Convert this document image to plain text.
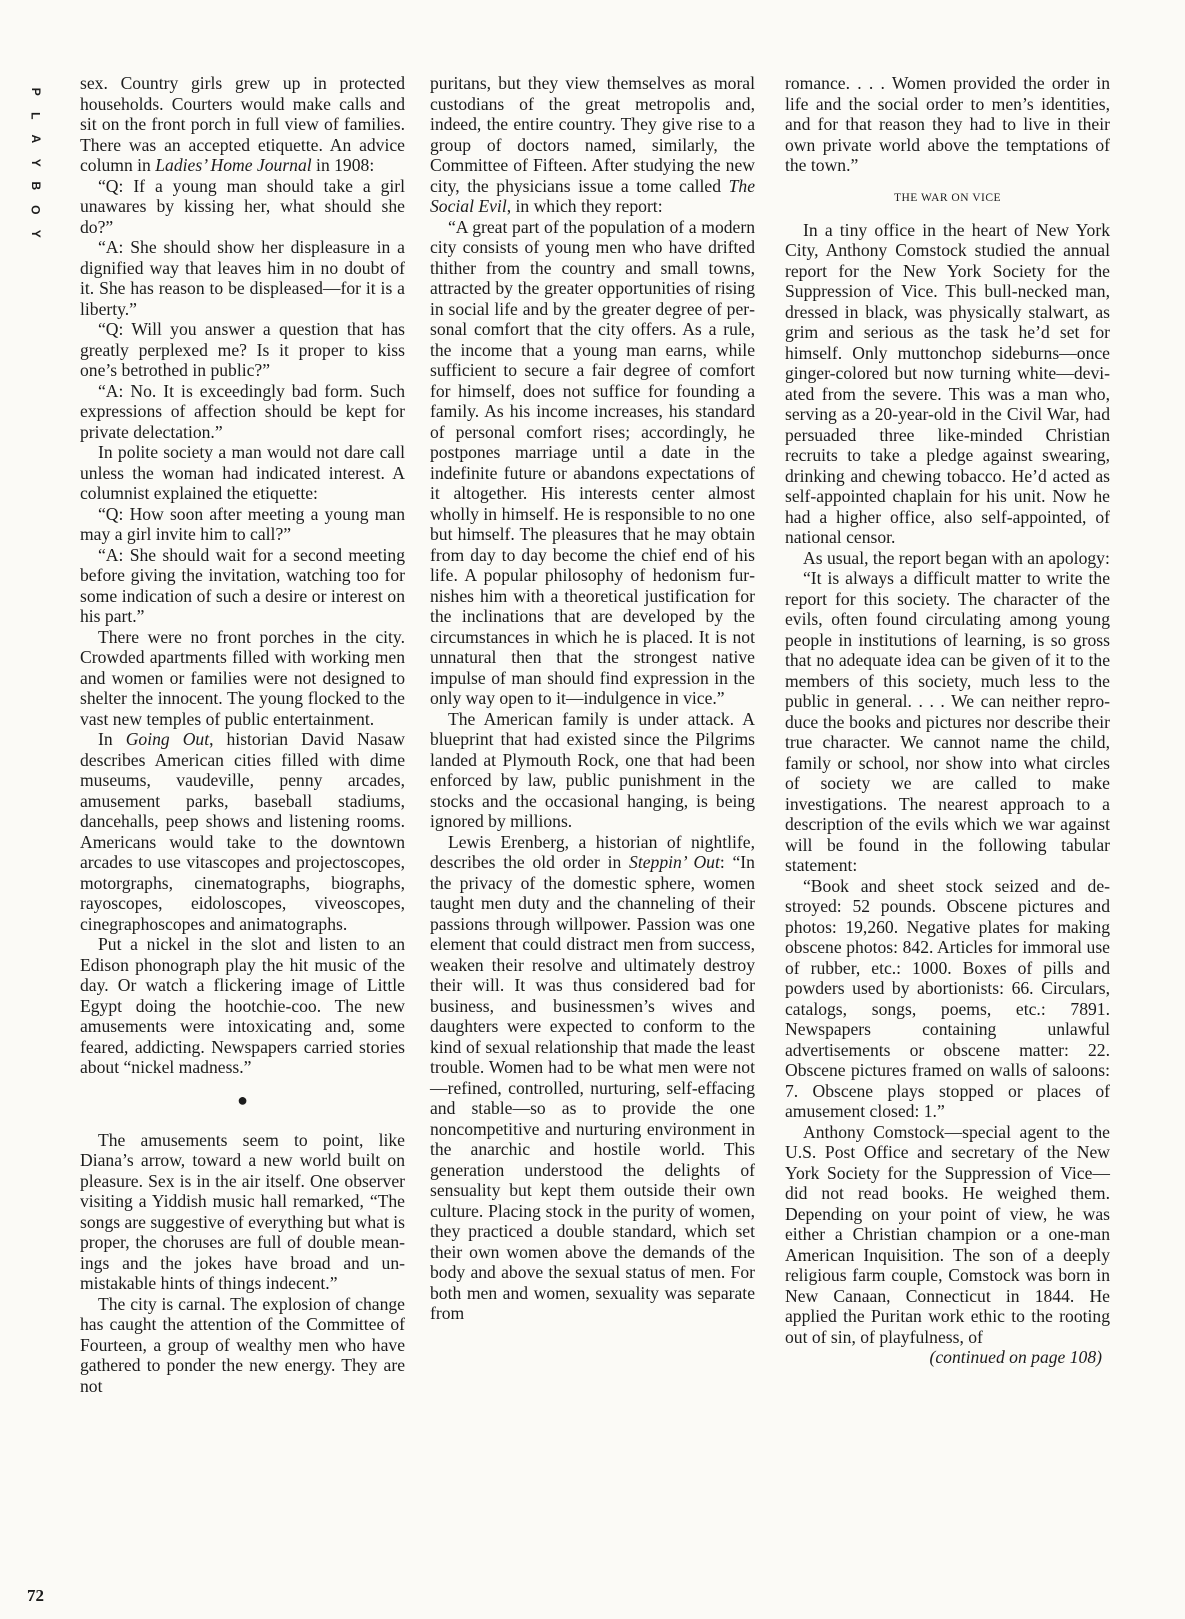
P
L
A
Y
B
O
Y
72

sex. Country girls grew up in protected households. Courters would make calls and sit on the front porch in full view of families. There was an accepted etiquette. An advice column in Ladies’ Home Journal in 1908:

“Q: If a young man should take a girl unawares by kissing her, what should she do?”

“A: She should show her displeasure in a dignified way that leaves him in no doubt of it. She has reason to be displeased—for it is a liberty.”

“Q: Will you answer a question that has greatly perplexed me? Is it proper to kiss one’s betrothed in public?”

“A: No. It is exceedingly bad form. Such expressions of affection should be kept for private delectation.”

In polite society a man would not dare call unless the woman had indicated interest. A columnist explained the etiquette:

“Q: How soon after meeting a young man may a girl invite him to call?”

“A: She should wait for a second meeting before giving the invitation, watching too for some indication of such a desire or interest on his part.”

There were no front porches in the city. Crowded apartments filled with working men and women or families were not designed to shelter the innocent. The young flocked to the vast new temples of public entertainment.

In Going Out, historian David Nasaw describes American cities filled with dime museums, vaudeville, penny arcades, amusement parks, baseball stadiums, dancehalls, peep shows and listening rooms. Americans would take to the downtown arcades to use vitascopes and projectoscopes, motorgraphs, cinematographs, biographs, rayoscopes, eidoloscopes, viveoscopes, cinegraphoscopes and animatographs.

Put a nickel in the slot and listen to an Edison phonograph play the hit music of the day. Or watch a flickering image of Little Egypt doing the hootchie-coo. The new amusements were intoxicating and, some feared, addicting. Newspapers carried stories about “nickel madness.”

●

The amusements seem to point, like Diana’s arrow, toward a new world built on pleasure. Sex is in the air itself. One observer visiting a Yiddish music hall remarked, “The songs are suggestive of everything but what is proper, the choruses are full of double meanings and the jokes have broad and unmistakable hints of things indecent.”

The city is carnal. The explosion of change has caught the attention of the Committee of Fourteen, a group of wealthy men who have gathered to ponder the new energy. They are not

puritans, but they view themselves as moral custodians of the great metropolis and, indeed, the entire country. They give rise to a group of doctors named, similarly, the Committee of Fifteen. After studying the new city, the physicians issue a tome called The Social Evil, in which they report:

“A great part of the population of a modern city consists of young men who have drifted thither from the country and small towns, attracted by the greater opportunities of rising in social life and by the greater degree of personal comfort that the city offers. As a rule, the income that a young man earns, while sufficient to secure a fair degree of comfort for himself, does not suffice for founding a family. As his income increases, his standard of personal comfort rises; accordingly, he postpones marriage until a date in the indefinite future or abandons expectations of it altogether. His interests center almost wholly in himself. He is responsible to no one but himself. The pleasures that he may obtain from day to day become the chief end of his life. A popular philosophy of hedonism furnishes him with a theoretical justification for the inclinations that are developed by the circumstances in which he is placed. It is not unnatural then that the strongest native impulse of man should find expression in the only way open to it—indulgence in vice.”

The American family is under attack. A blueprint that had existed since the Pilgrims landed at Plymouth Rock, one that had been enforced by law, public punishment in the stocks and the occasional hanging, is being ignored by millions.

Lewis Erenberg, a historian of nightlife, describes the old order in Steppin’ Out: “In the privacy of the domestic sphere, women taught men duty and the channeling of their passions through willpower. Passion was one element that could distract men from success, weaken their resolve and ultimately destroy their will. It was thus considered bad for business, and businessmen’s wives and daughters were expected to conform to the kind of sexual relationship that made the least trouble. Women had to be what men were not—refined, controlled, nurturing, self-effacing and stable—so as to provide the one noncompetitive and nurturing environment in the anarchic and hostile world. This generation understood the delights of sensuality but kept them outside their own culture. Placing stock in the purity of women, they practiced a double standard, which set their own women above the demands of the body and above the sexual status of men. For both men and women, sexuality was separate from

romance. . . . Women provided the order in life and the social order to men’s identities, and for that reason they had to live in their own private world above the temptations of the town.”

THE WAR ON VICE

In a tiny office in the heart of New York City, Anthony Comstock studied the annual report for the New York Society for the Suppression of Vice. This bull-necked man, dressed in black, was physically stalwart, as grim and serious as the task he’d set for himself. Only muttonchop sideburns—once ginger-colored but now turning white—deviated from the severe. This was a man who, serving as a 20-year-old in the Civil War, had persuaded three like-minded Christian recruits to take a pledge against swearing, drinking and chewing tobacco. He’d acted as self-appointed chaplain for his unit. Now he had a higher office, also self-appointed, of national censor.

As usual, the report began with an apology:

“It is always a difficult matter to write the report for this society. The character of the evils, often found circulating among young people in institutions of learning, is so gross that no adequate idea can be given of it to the members of this society, much less to the public in general. . . . We can neither reproduce the books and pictures nor describe their true character. We cannot name the child, family or school, nor show into what circles of society we are called to make investigations. The nearest approach to a description of the evils which we war against will be found in the following tabular statement:

“Book and sheet stock seized and destroyed: 52 pounds. Obscene pictures and photos: 19,260. Negative plates for making obscene photos: 842. Articles for immoral use of rubber, etc.: 1000. Boxes of pills and powders used by abortionists: 66. Circulars, catalogs, songs, poems, etc.: 7891. Newspapers containing unlawful advertisements or obscene matter: 22. Obscene pictures framed on walls of saloons: 7. Obscene plays stopped or places of amusement closed: 1.”

Anthony Comstock—special agent to the U.S. Post Office and secretary of the New York Society for the Suppression of Vice—did not read books. He weighed them. Depending on your point of view, he was either a Christian champion or a one-man American Inquisition. The son of a deeply religious farm couple, Comstock was born in New Canaan, Connecticut in 1844. He applied the Puritan work ethic to the rooting out of sin, of playfulness, of

(continued on page 108)
